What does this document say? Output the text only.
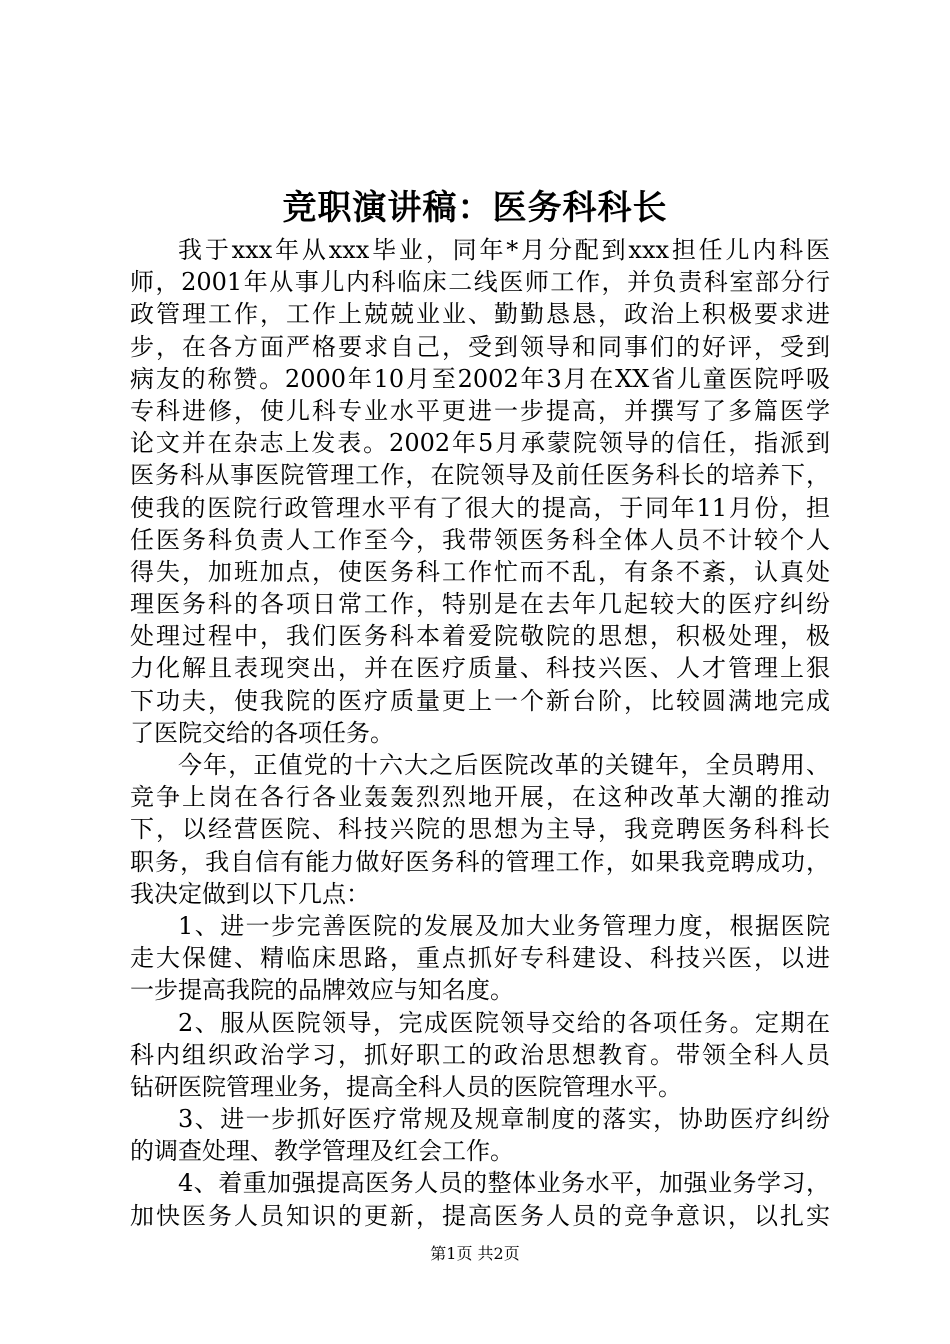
竞职演讲稿：医务科科长
我于xxx年从xxx毕业，同年*月分配到xxx担任儿内科医
师，2001年从事儿内科临床二线医师工作，并负责科室部分行
政管理工作，工作上兢兢业业、勤勤恳恳，政治上积极要求进
步，在各方面严格要求自己，受到领导和同事们的好评，受到
病友的称赞。2000年10月至2002年3月在XX省儿童医院呼吸
专科进修，使儿科专业水平更进一步提高，并撰写了多篇医学
论文并在杂志上发表。2002年5月承蒙院领导的信任，指派到
医务科从事医院管理工作，在院领导及前任医务科长的培养下，
使我的医院行政管理水平有了很大的提高，于同年11月份，担
任医务科负责人工作至今，我带领医务科全体人员不计较个人
得失，加班加点，使医务科工作忙而不乱，有条不紊，认真处
理医务科的各项日常工作，特别是在去年几起较大的医疗纠纷
处理过程中，我们医务科本着爱院敬院的思想，积极处理，极
力化解且表现突出，并在医疗质量、科技兴医、人才管理上狠
下功夫，使我院的医疗质量更上一个新台阶，比较圆满地完成
了医院交给的各项任务。
今年，正值党的十六大之后医院改革的关键年，全员聘用、
竞争上岗在各行各业轰轰烈烈地开展，在这种改革大潮的推动
下，以经营医院、科技兴院的思想为主导，我竞聘医务科科长
职务，我自信有能力做好医务科的管理工作，如果我竞聘成功，
我决定做到以下几点：
1、进一步完善医院的发展及加大业务管理力度，根据医院
走大保健、精临床思路，重点抓好专科建设、科技兴医，以进
一步提高我院的品牌效应与知名度。
2、服从医院领导，完成医院领导交给的各项任务。定期在
科内组织政治学习，抓好职工的政治思想教育。带领全科人员
钻研医院管理业务，提高全科人员的医院管理水平。
3、进一步抓好医疗常规及规章制度的落实，协助医疗纠纷
的调查处理、教学管理及红会工作。
4、着重加强提高医务人员的整体业务水平，加强业务学习，
加快医务人员知识的更新，提高医务人员的竞争意识，以扎实
第1页 共2页
